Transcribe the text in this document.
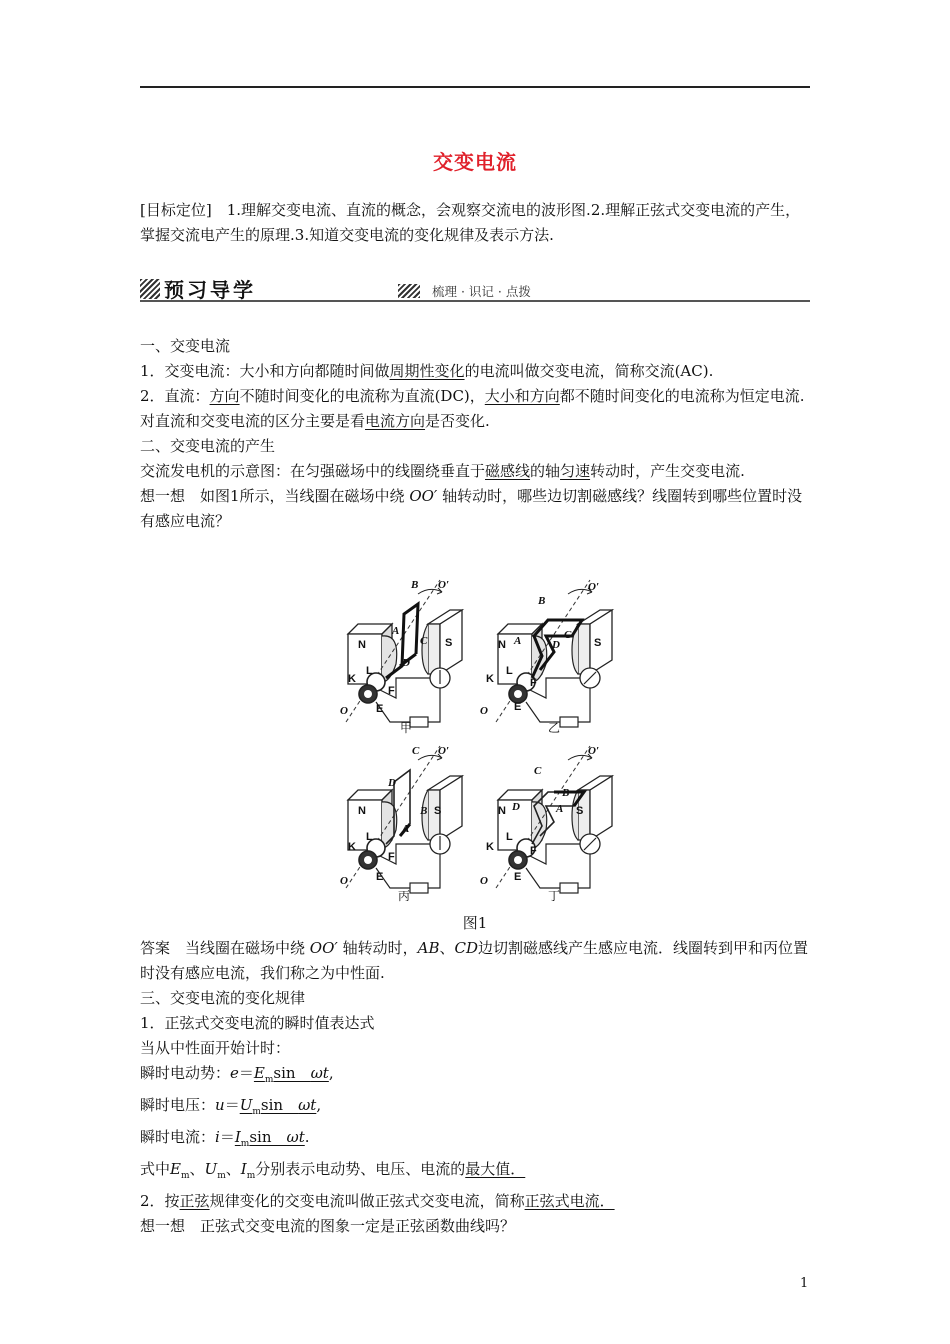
交变电流
[目标定位]　 1.理解交变电流、直流的概念，会观察交流电的波形图.2.理解正弦式交变电流的产生，掌握交流电产生的原理.3.知道交变电流的变化规律及表示方法.
预习导学	梳理 · 识记 · 点拨
一、交变电流
1．交变电流：大小和方向都随时间做周期性变化的电流叫做交变电流，简称交流(AC).
2．直流：方向不随时间变化的电流称为直流(DC)，大小和方向都不随时间变化的电流称为恒定电流.
对直流和交变电流的区分主要是看电流方向是否变化.
二、交变电流的产生
交流发电机的示意图：在匀强磁场中的线圈绕垂直于磁感线的轴匀速转动时，产生交变电流.
想一想　如图1所示，当线圈在磁场中绕 OO′ 轴转动时，哪些边切割磁感线？线圈转到哪些位置时没有感应电流？
B
A
C
D
B
A	C
D
C
D
B
A
C
D
B
A
O′	O′
O′	O′
O	O
O	O
N	S	N	S
N	S	N	S
L
K
F
E
L
K	F
E
L
K
F
E
L
K	F
E
甲	乙
丙	丁
图1
答案　当线圈在磁场中绕 OO′ 轴转动时，AB、CD边切割磁感线产生感应电流．线圈转到甲和丙位置时没有感应电流，我们称之为中性面.
三、交变电流的变化规律
1．正弦式交变电流的瞬时值表达式
当从中性面开始计时：
瞬时电动势：$e=E_m\sin$　ωt,
瞬时电压：$u=U_m\sin$　ωt,
瞬时电流：$i=I_m\sin$　ωt.
式中$E_m$、$U_m$、$I_m$分别表示电动势、电压、电流的最大值．
2．按正弦规律变化的交变电流叫做正弦式交变电流，简称正弦式电流．
想一想　正弦式交变电流的图象一定是正弦函数曲线吗？
1
